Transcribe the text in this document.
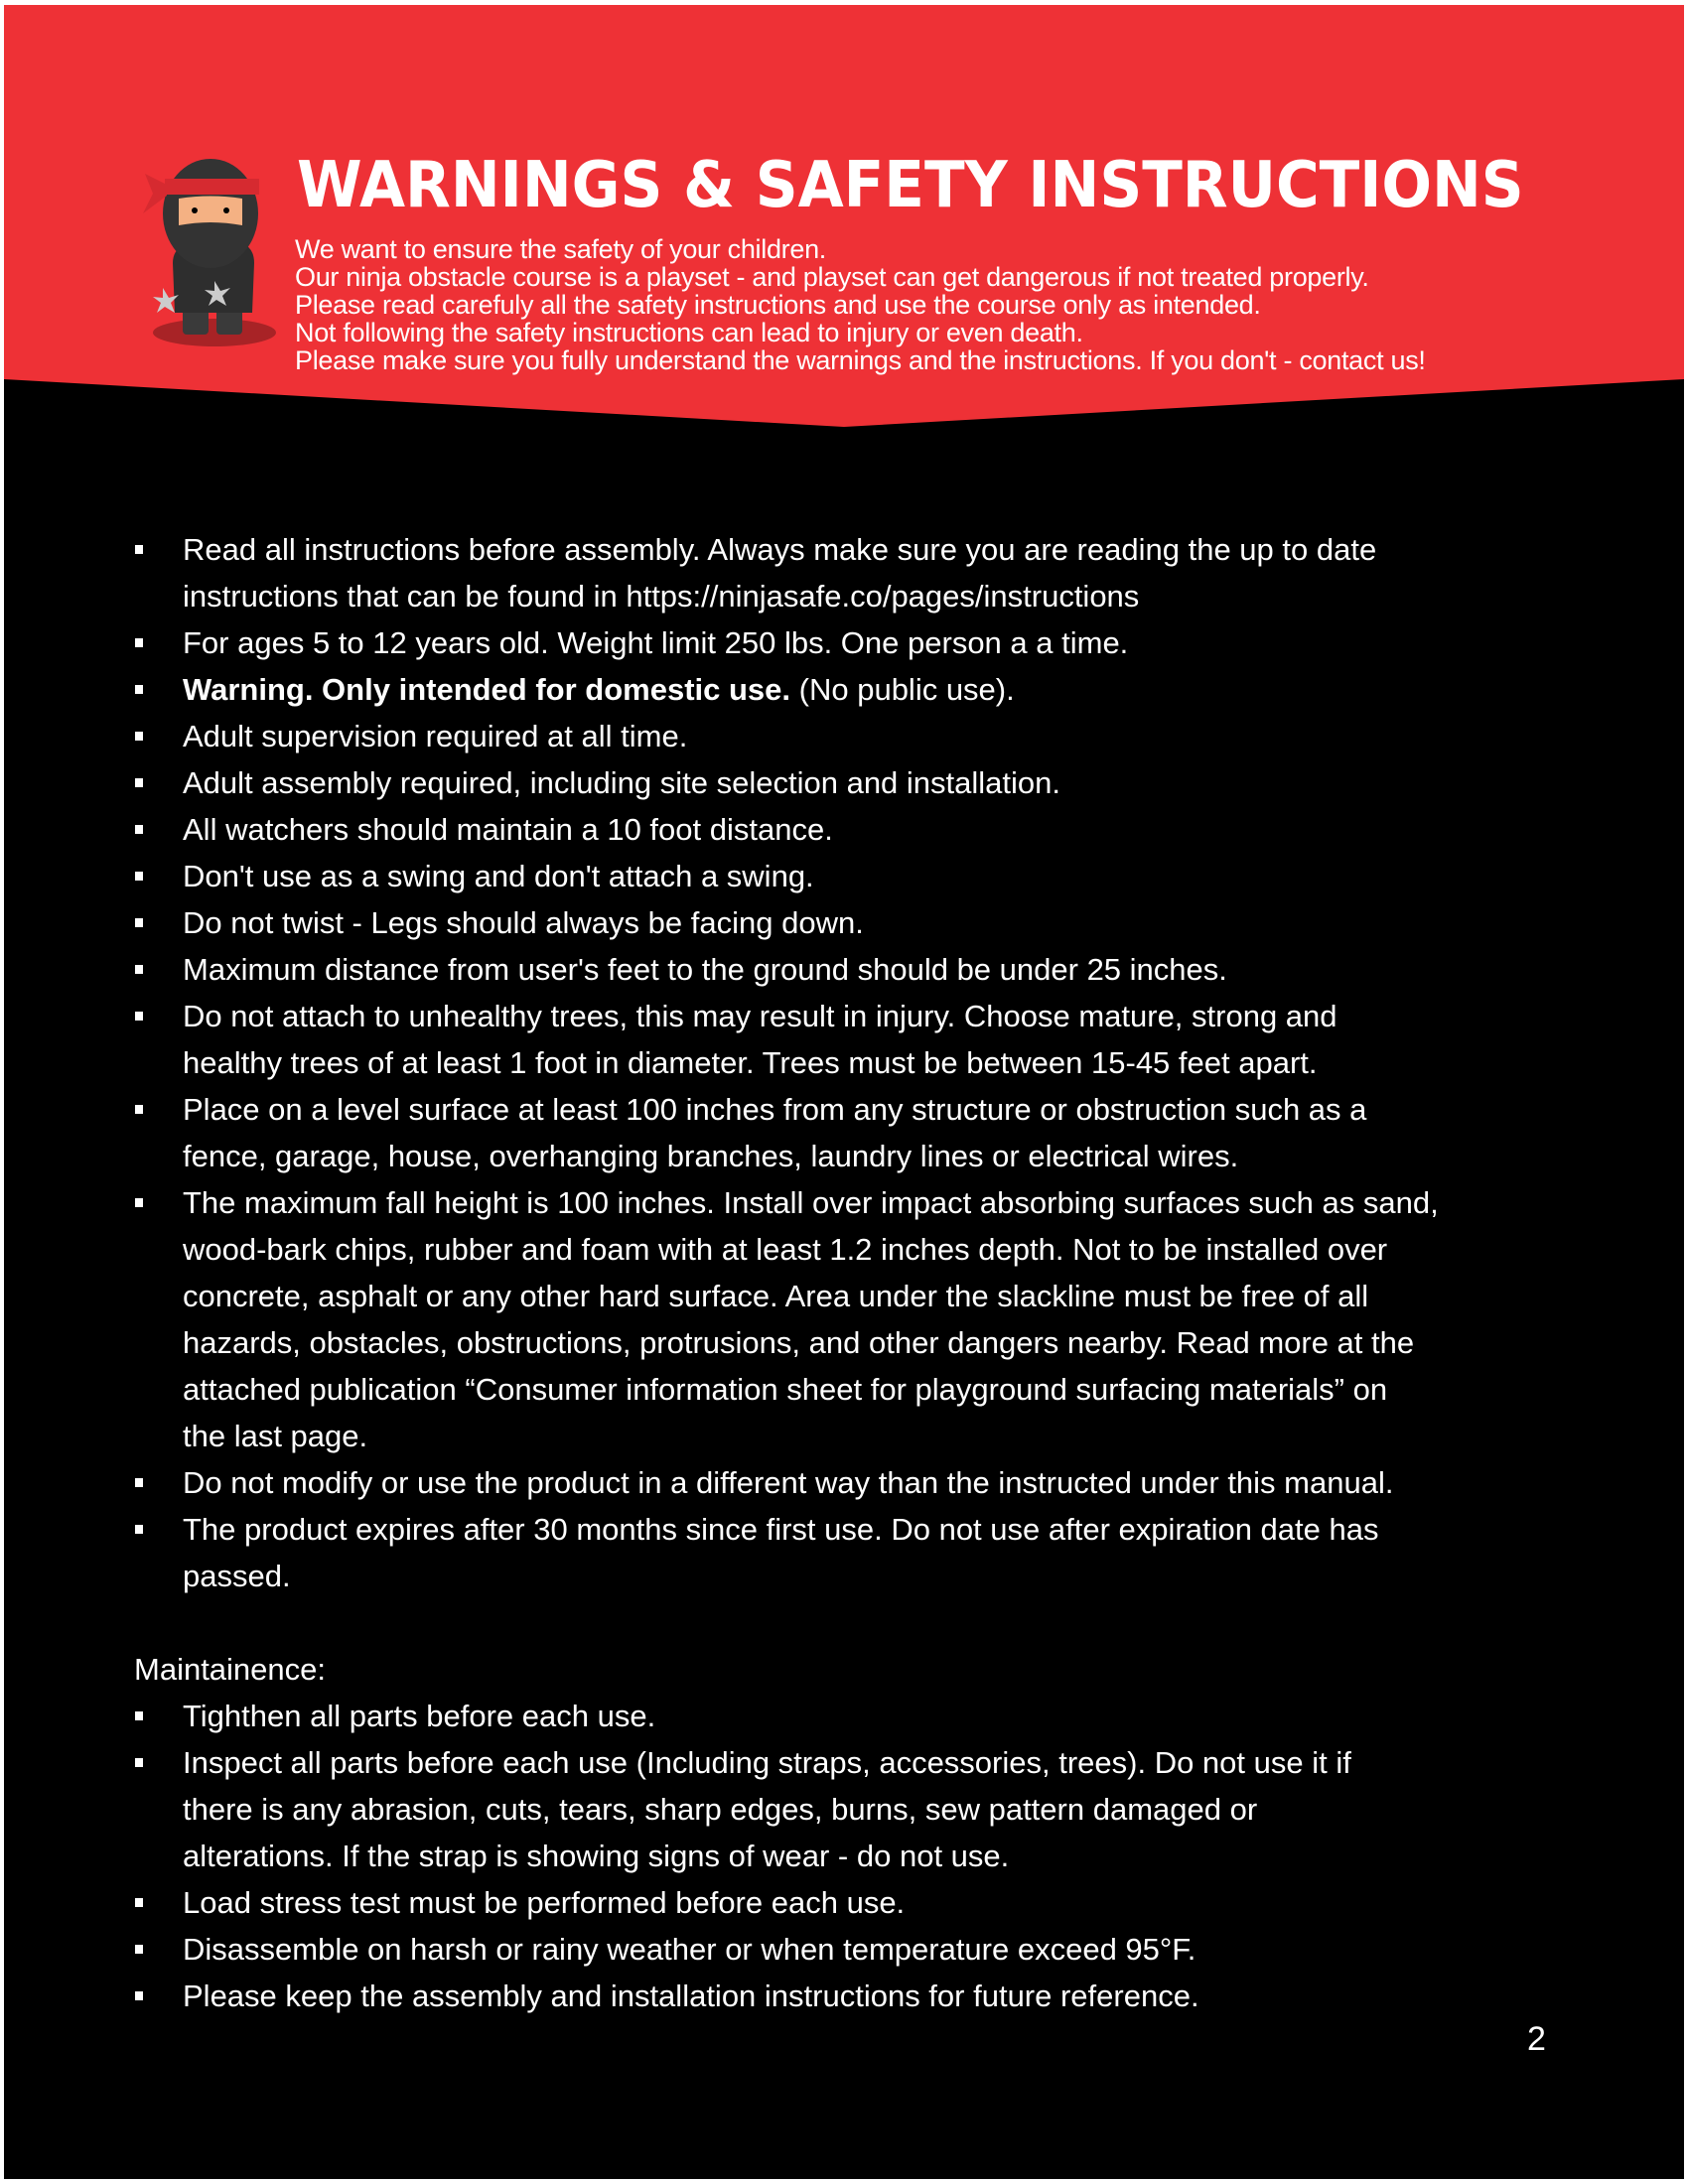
WARNINGS & SAFETY INSTRUCTIONS
We want to ensure the safety of your children.
Our ninja obstacle course is a playset - and playset can get dangerous if not treated properly.
Please read carefuly all the safety instructions and use the course only as intended.
Not following the safety instructions can lead to injury or even death.
Please make sure you fully understand the warnings and the instructions. If you don't - contact us!
Read all instructions before assembly. Always make sure you are reading the up to date
instructions that can be found in https://ninjasafe.co/pages/instructions
For ages 5 to 12 years old. Weight limit 250 lbs. One person a a time.
Warning. Only intended for domestic use. (No public use).
Adult supervision required at all time.
Adult assembly required, including site selection and installation.
All watchers should maintain a 10 foot distance.
Don't use as a swing and don't attach a swing.
Do not twist - Legs should always be facing down.
Maximum distance from user's feet to the ground should be under 25 inches.
Do not attach to unhealthy trees, this may result in injury. Choose mature, strong and
healthy trees of at least 1 foot in diameter. Trees must be between 15-45 feet apart.
Place on a level surface at least 100 inches from any structure or obstruction such as a
fence, garage, house, overhanging branches, laundry lines or electrical wires.
The maximum fall height is 100 inches. Install over impact absorbing surfaces such as sand,
wood-bark chips, rubber and foam with at least 1.2 inches depth. Not to be installed over
concrete, asphalt or any other hard surface. Area under the slackline must be free of all
hazards, obstacles, obstructions, protrusions, and other dangers nearby. Read more at the
attached publication “Consumer information sheet for playground surfacing materials” on
the last page.
Do not modify or use the product in a different way than the instructed under this manual.
The product expires after 30 months since first use. Do not use after expiration date has
passed.
Maintainence:
Tighthen all parts before each use.
Inspect all parts before each use (Including straps, accessories, trees). Do not use it if
there is any abrasion, cuts, tears, sharp edges, burns, sew pattern damaged or
alterations. If the strap is showing signs of wear - do not use.
Load stress test must be performed before each use.
Disassemble on harsh or rainy weather or when temperature exceed 95°F.
Please keep the assembly and installation instructions for future reference.
2
